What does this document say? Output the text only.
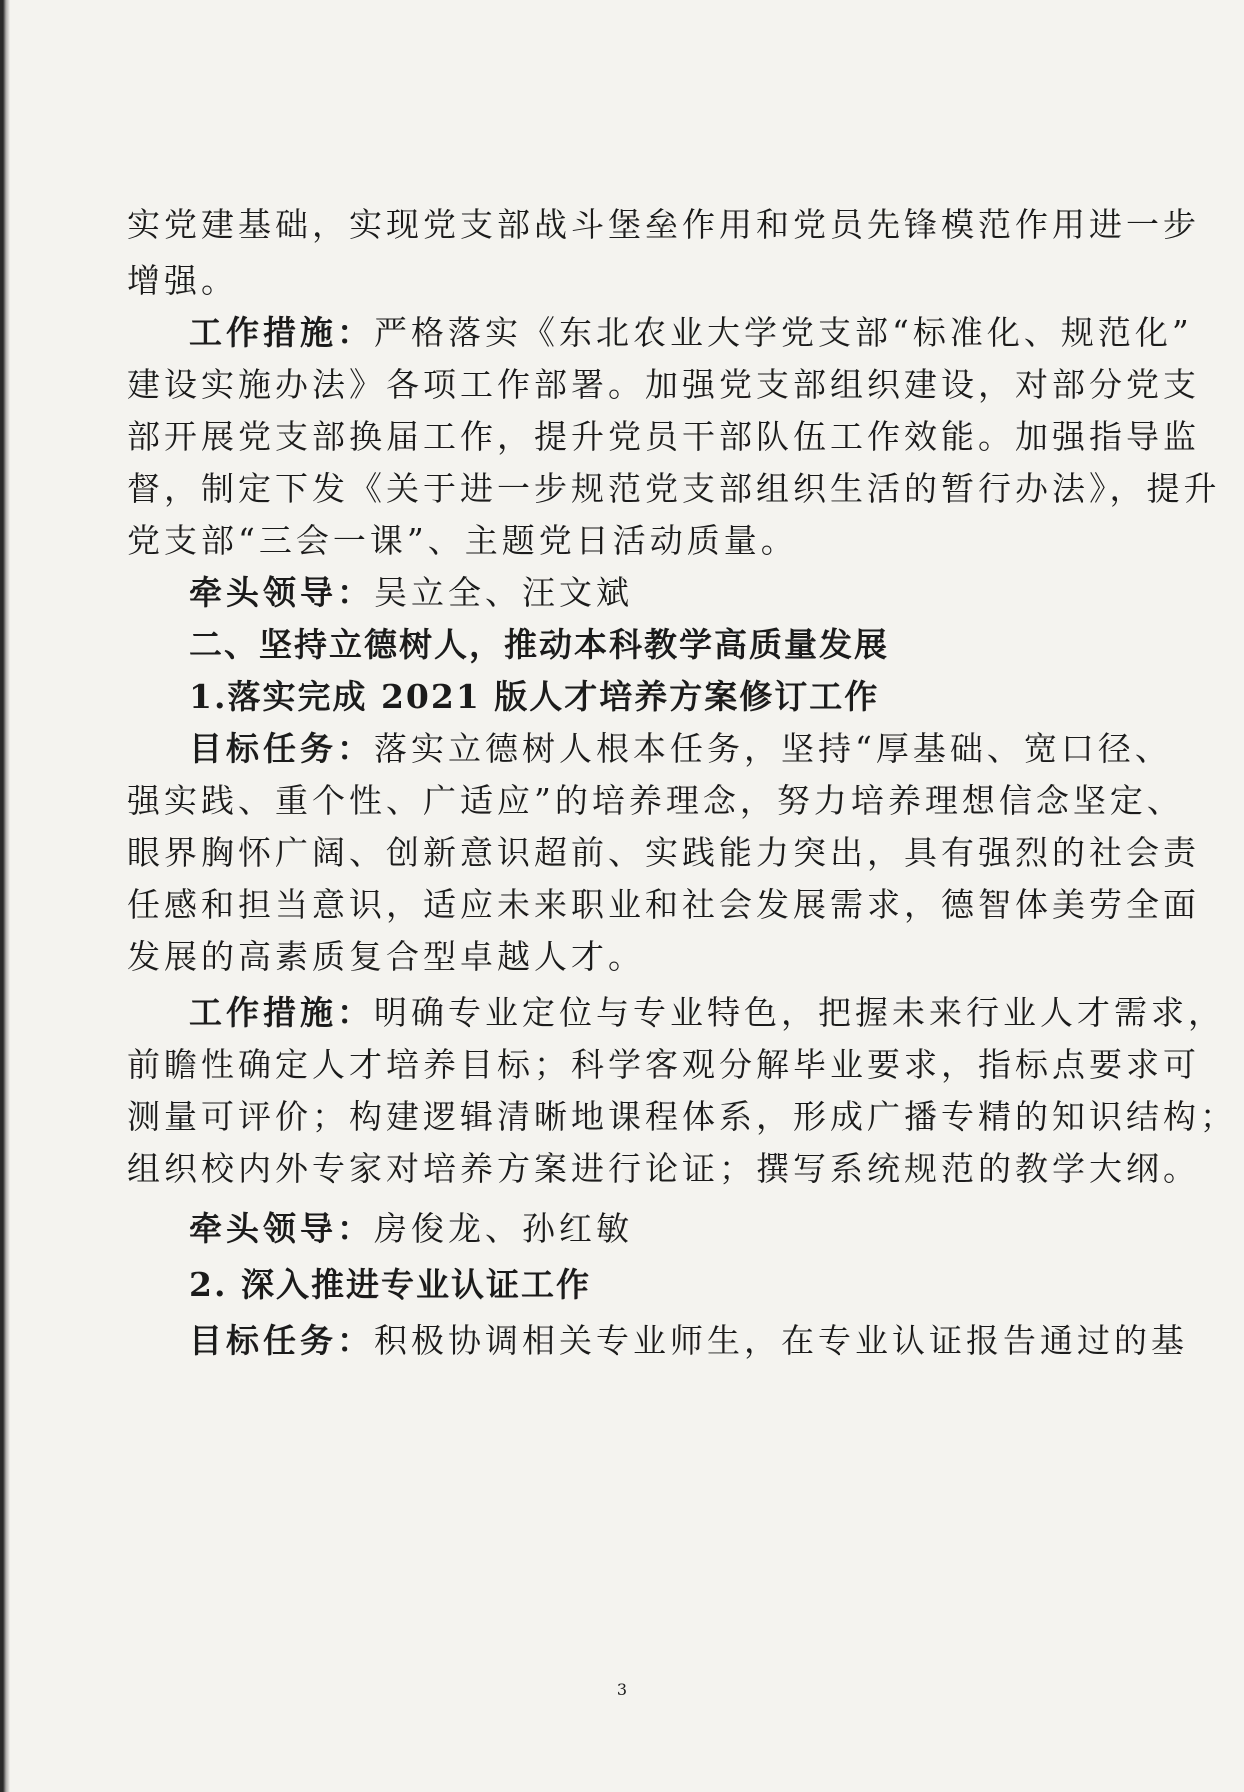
实党建基础，实现党支部战斗堡垒作用和党员先锋模范作用进一步
增强。
工作措施：严格落实《东北农业大学党支部“标准化、规范化”
建设实施办法》各项工作部署。加强党支部组织建设，对部分党支
部开展党支部换届工作，提升党员干部队伍工作效能。加强指导监
督，制定下发《关于进一步规范党支部组织生活的暂行办法》，提升
党支部“三会一课”、主题党日活动质量。
牵头领导：吴立全、汪文斌
二、坚持立德树人，推动本科教学高质量发展
1.落实完成 2021 版人才培养方案修订工作
目标任务：落实立德树人根本任务，坚持“厚基础、宽口径、
强实践、重个性、广适应”的培养理念，努力培养理想信念坚定、
眼界胸怀广阔、创新意识超前、实践能力突出，具有强烈的社会责
任感和担当意识，适应未来职业和社会发展需求，德智体美劳全面
发展的高素质复合型卓越人才。
工作措施：明确专业定位与专业特色，把握未来行业人才需求，
前瞻性确定人才培养目标；科学客观分解毕业要求，指标点要求可
测量可评价；构建逻辑清晰地课程体系，形成广播专精的知识结构；
组织校内外专家对培养方案进行论证；撰写系统规范的教学大纲。
牵头领导：房俊龙、孙红敏
2. 深入推进专业认证工作
目标任务：积极协调相关专业师生，在专业认证报告通过的基
3
